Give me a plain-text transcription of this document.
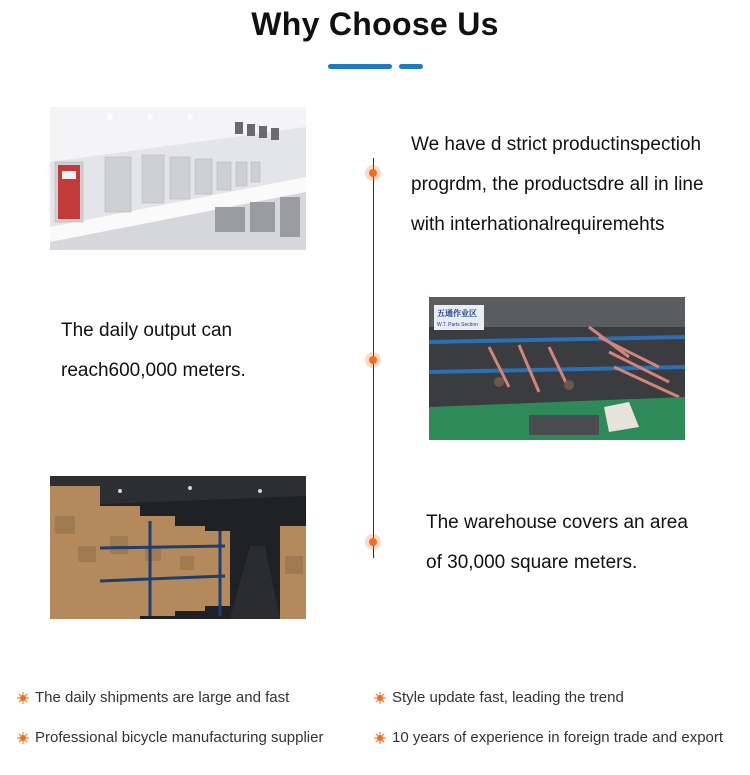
Why Choose Us
We have d strict productinspectioh progrdm, the productsdre all in line with interhationalrequiremehts
The daily output can reach600,000 meters.
五通作业区
W.T. Parts Section
The warehouse covers an area of 30,000 square meters.
The daily shipments are large and fast	Style update fast, leading the trend
Professional bicycle manufacturing supplier	10 years of experience in foreign trade and export
